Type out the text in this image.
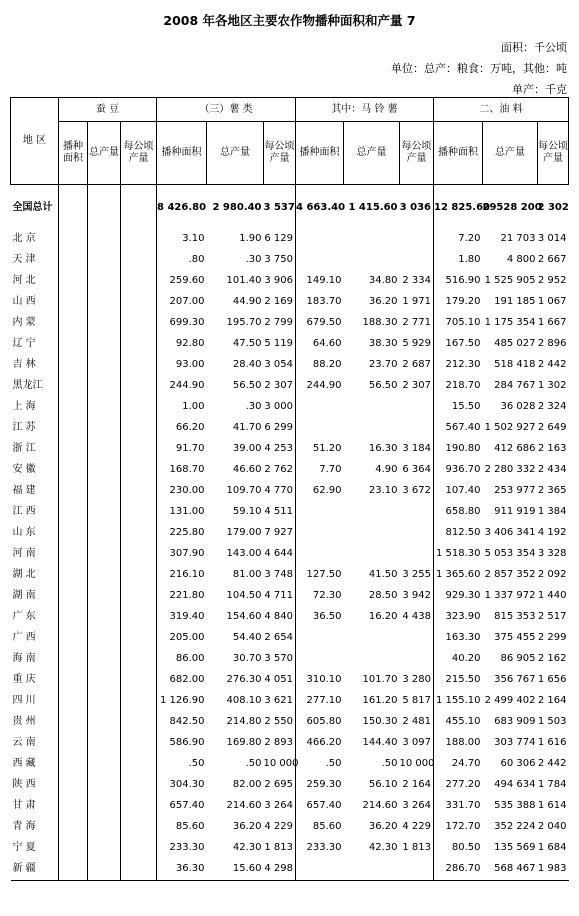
2008 年各地区主要农作物播种面积和产量 7
面积：千公顷
单位：总产：粮食：万吨，其他：吨
单产：千克
地 区	蚕 豆			（三）薯 类			其中：马 铃 薯			二、油 料		
	播种面积	总产量	每公顷产量	播种面积	总产量	每公顷产量	播种面积	总产量	每公顷产量	播种面积	总产量	每公顷产量
全国总计				8 426.80	2 980.40	3 537	4 663.40	1 415.60	3 036	12 825.60	29528 200	2 302
北 京				3.10	1.90	6 129				7.20	21 703	3 014
天 津				.80	.30	3 750				1.80	4 800	2 667
河 北				259.60	101.40	3 906	149.10	34.80	2 334	516.90	1 525 905	2 952
山 西				207.00	44.90	2 169	183.70	36.20	1 971	179.20	191 185	1 067
内 蒙				699.30	195.70	2 799	679.50	188.30	2 771	705.10	1 175 354	1 667
辽 宁				92.80	47.50	5 119	64.60	38.30	5 929	167.50	485 027	2 896
吉 林				93.00	28.40	3 054	88.20	23.70	2 687	212.30	518 418	2 442
黑龙江				244.90	56.50	2 307	244.90	56.50	2 307	218.70	284 767	1 302
上 海				1.00	.30	3 000				15.50	36 028	2 324
江 苏				66.20	41.70	6 299				567.40	1 502 927	2 649
浙 江				91.70	39.00	4 253	51.20	16.30	3 184	190.80	412 686	2 163
安 徽				168.70	46.60	2 762	7.70	4.90	6 364	936.70	2 280 332	2 434
福 建				230.00	109.70	4 770	62.90	23.10	3 672	107.40	253 977	2 365
江 西				131.00	59.10	4 511				658.80	911 919	1 384
山 东				225.80	179.00	7 927				812.50	3 406 341	4 192
河 南				307.90	143.00	4 644				1 518.30	5 053 354	3 328
湖 北				216.10	81.00	3 748	127.50	41.50	3 255	1 365.60	2 857 352	2 092
湖 南				221.80	104.50	4 711	72.30	28.50	3 942	929.30	1 337 972	1 440
广 东				319.40	154.60	4 840	36.50	16.20	4 438	323.90	815 353	2 517
广 西				205.00	54.40	2 654				163.30	375 455	2 299
海 南				86.00	30.70	3 570				40.20	86 905	2 162
重 庆				682.00	276.30	4 051	310.10	101.70	3 280	215.50	356 767	1 656
四 川				1 126.90	408.10	3 621	277.10	161.20	5 817	1 155.10	2 499 402	2 164
贵 州				842.50	214.80	2 550	605.80	150.30	2 481	455.10	683 909	1 503
云 南				586.90	169.80	2 893	466.20	144.40	3 097	188.00	303 774	1 616
西 藏				.50	.50	10 000	.50	.50	10 000	24.70	60 306	2 442
陕 西				304.30	82.00	2 695	259.30	56.10	2 164	277.20	494 634	1 784
甘 肃				657.40	214.60	3 264	657.40	214.60	3 264	331.70	535 388	1 614
青 海				85.60	36.20	4 229	85.60	36.20	4 229	172.70	352 224	2 040
宁 夏				233.30	42.30	1 813	233.30	42.30	1 813	80.50	135 569	1 684
新 疆				36.30	15.60	4 298				286.70	568 467	1 983
